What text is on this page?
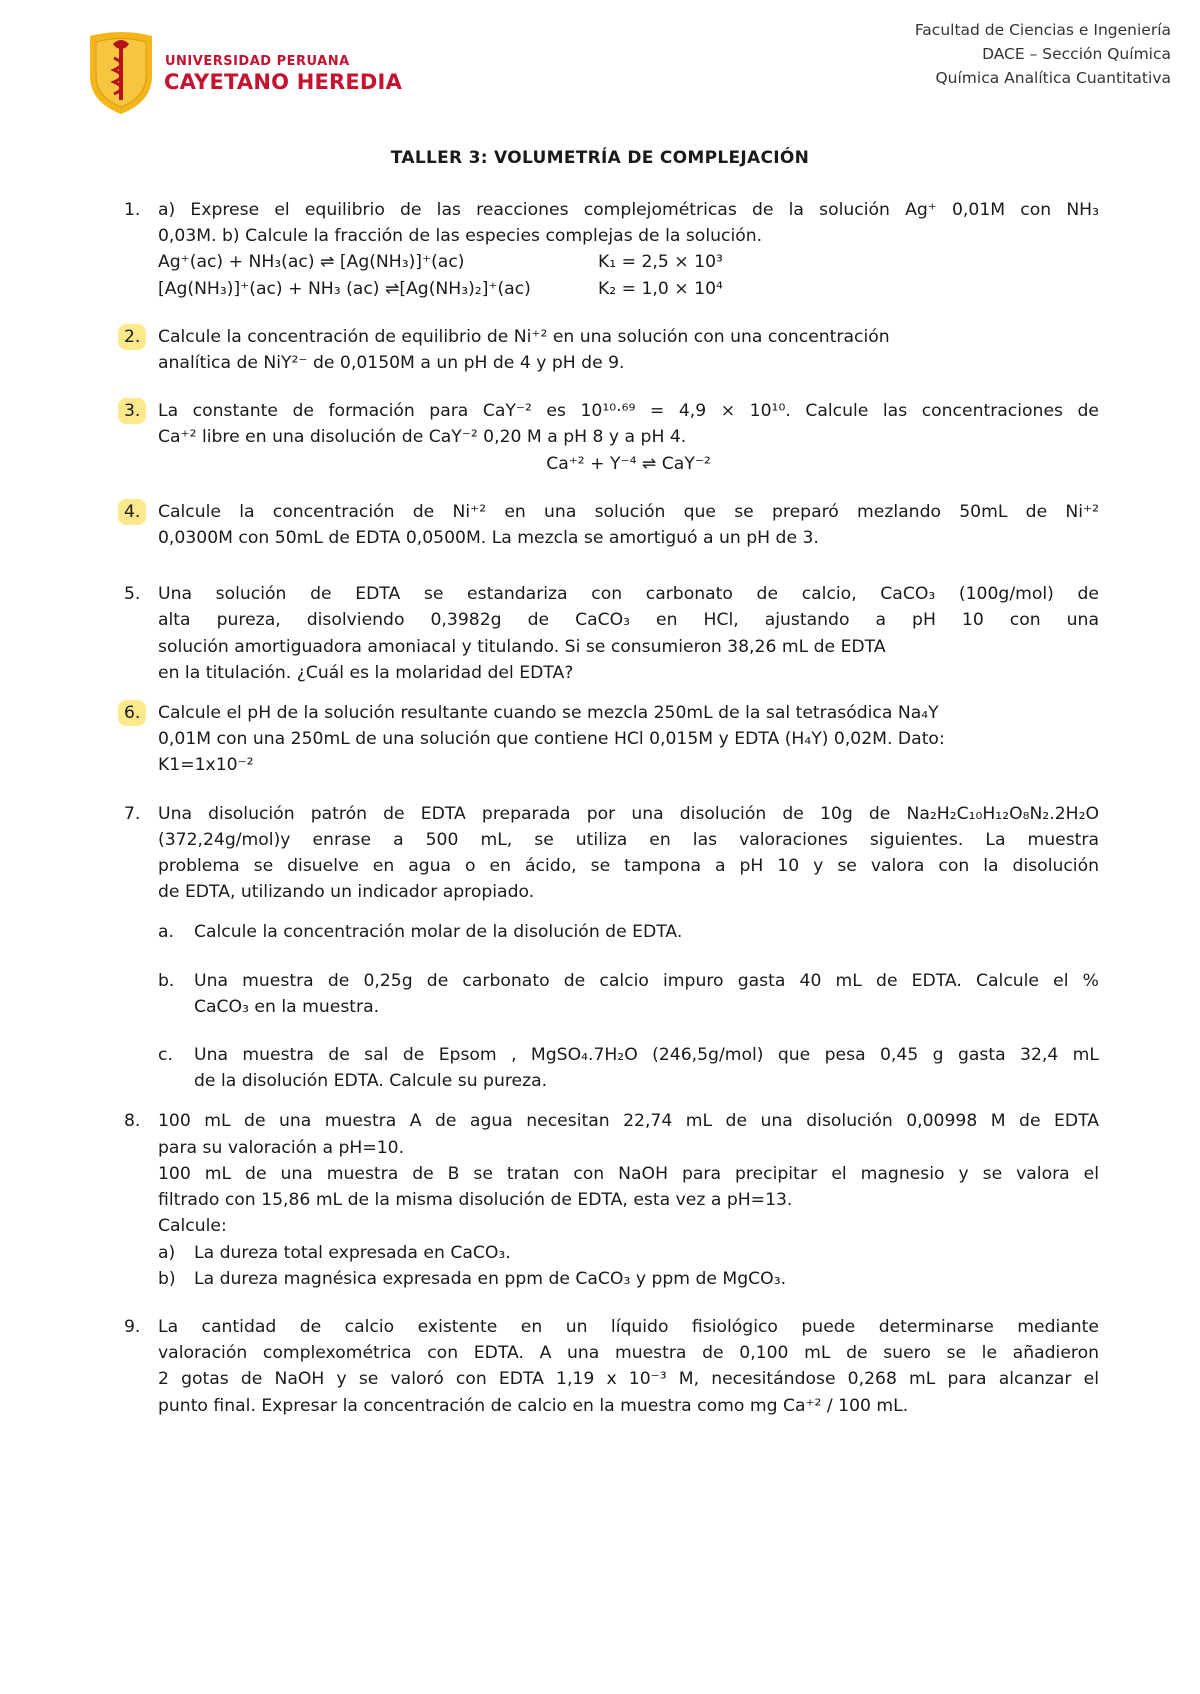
UNIVERSIDAD PERUANA
CAYETANO HEREDIA
Facultad de Ciencias e Ingeniería
DACE – Sección Química
Química Analítica Cuantitativa
TALLER 3: VOLUMETRÍA DE COMPLEJACIÓN
1. a) Exprese el equilibrio de las reacciones complejométricas de la solución Ag⁺ 0,01M con NH₃
0,03M. b) Calcule la fracción de las especies complejas de la solución.
Ag⁺(ac) + NH₃(ac) ⇌ [Ag(NH₃)]⁺(ac)	K₁ = 2,5 × 10³
[Ag(NH₃)]⁺(ac) + NH₃ (ac) ⇌[Ag(NH₃)₂]⁺(ac)	K₂ = 1,0 × 10⁴
2.	Calcule la concentración de equilibrio de Ni⁺² en una solución con una concentración
analítica de NiY²⁻ de 0,0150M a un pH de 4 y pH de 9.
3.	La constante de formación para CaY⁻² es 10¹⁰·⁶⁹ = 4,9 × 10¹⁰. Calcule las concentraciones de
Ca⁺² libre en una disolución de CaY⁻² 0,20 M a pH 8 y a pH 4.
Ca⁺² + Y⁻⁴ ⇌ CaY⁻²
4.	Calcule la concentración de Ni⁺² en una solución que se preparó mezlando 50mL de Ni⁺²
0,0300M con 50mL de EDTA 0,0500M. La mezcla se amortiguó a un pH de 3.
5. Una solución de EDTA se estandariza con carbonato de calcio, CaCO₃ (100g/mol) de
alta pureza, disolviendo 0,3982g de CaCO₃ en HCl, ajustando a pH 10 con una
solución amortiguadora amoniacal y titulando. Si se consumieron 38,26 mL de EDTA
en la titulación. ¿Cuál es la molaridad del EDTA?
6.	Calcule el pH de la solución resultante cuando se mezcla 250mL de la sal tetrasódica Na₄Y
0,01M con una 250mL de una solución que contiene HCl 0,015M y EDTA (H₄Y) 0,02M. Dato:
K1=1x10⁻²
7. Una disolución patrón de EDTA preparada por una disolución de 10g de Na₂H₂C₁₀H₁₂O₈N₂.2H₂O
(372,24g/mol)y enrase a 500 mL, se utiliza en las valoraciones siguientes. La muestra
problema se disuelve en agua o en ácido, se tampona a pH 10 y se valora con la disolución
de EDTA, utilizando un indicador apropiado.
a. Calcule la concentración molar de la disolución de EDTA.
b. Una muestra de 0,25g de carbonato de calcio impuro gasta 40 mL de EDTA. Calcule el %
CaCO₃ en la muestra.
c. Una muestra de sal de Epsom , MgSO₄.7H₂O (246,5g/mol) que pesa 0,45 g gasta 32,4 mL
de la disolución EDTA. Calcule su pureza.
8. 100 mL de una muestra A de agua necesitan 22,74 mL de una disolución 0,00998 M de EDTA
para su valoración a pH=10.
100 mL de una muestra de B se tratan con NaOH para precipitar el magnesio y se valora el
filtrado con 15,86 mL de la misma disolución de EDTA, esta vez a pH=13.
Calcule:
a) La dureza total expresada en CaCO₃.
b) La dureza magnésica expresada en ppm de CaCO₃ y ppm de MgCO₃.
9. La cantidad de calcio existente en un líquido fisiológico puede determinarse mediante
valoración complexométrica con EDTA. A una muestra de 0,100 mL de suero se le añadieron
2 gotas de NaOH y se valoró con EDTA 1,19 x 10⁻³ M, necesitándose 0,268 mL para alcanzar el
punto final. Expresar la concentración de calcio en la muestra como mg Ca⁺² / 100 mL.
